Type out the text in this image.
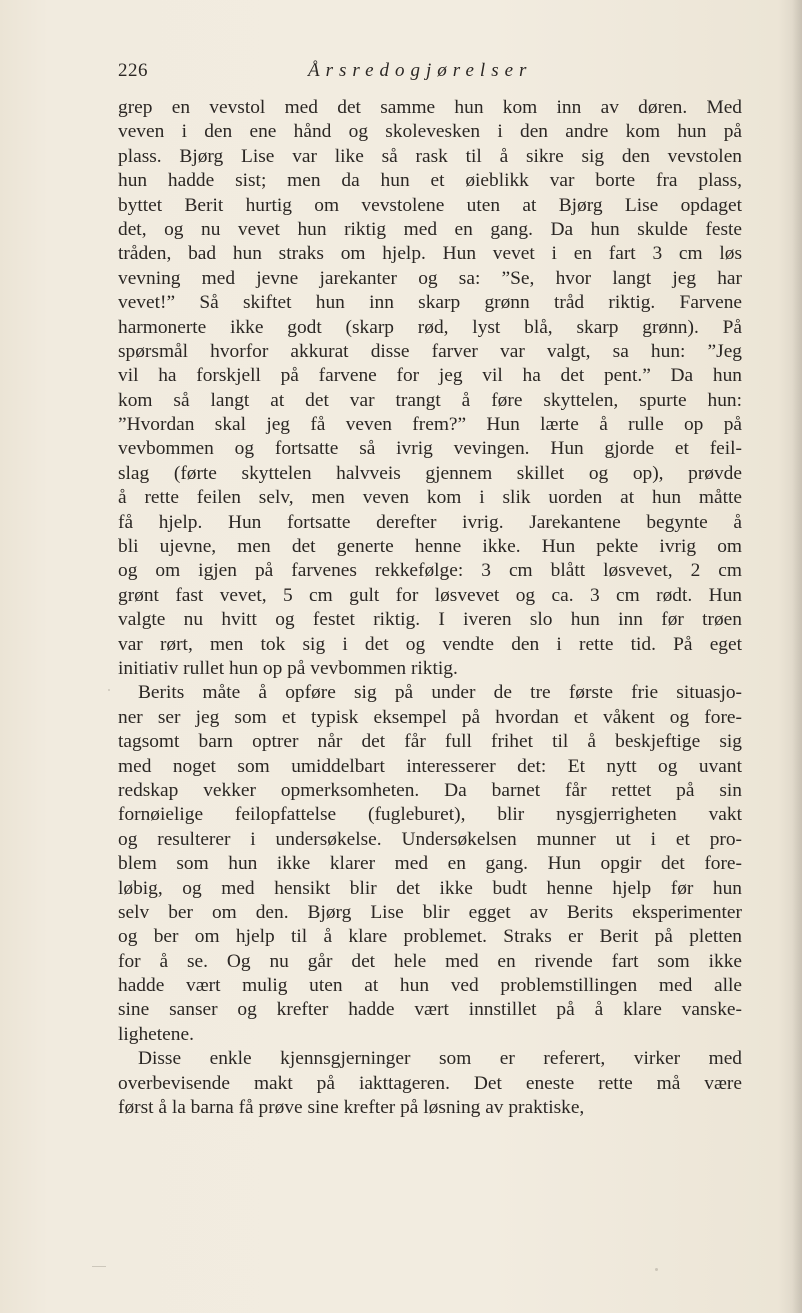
226	Årsredogjørelser
grep en vevstol med det samme hun kom inn av døren. Med
veven i den ene hånd og skolevesken i den andre kom hun på
plass. Bjørg Lise var like så rask til å sikre sig den vevstolen
hun hadde sist; men da hun et øieblikk var borte fra plass,
byttet Berit hurtig om vevstolene uten at Bjørg Lise opdaget
det, og nu vevet hun riktig med en gang. Da hun skulde feste
tråden, bad hun straks om hjelp. Hun vevet i en fart 3 cm løs
vevning med jevne jarekanter og sa: ”Se, hvor langt jeg har
vevet!” Så skiftet hun inn skarp grønn tråd riktig. Farvene
harmonerte ikke godt (skarp rød, lyst blå, skarp grønn). På
spørsmål hvorfor akkurat disse farver var valgt, sa hun: ”Jeg
vil ha forskjell på farvene for jeg vil ha det pent.” Da hun
kom så langt at det var trangt å føre skyttelen, spurte hun:
”Hvordan skal jeg få veven frem?” Hun lærte å rulle op på
vevbommen og fortsatte så ivrig vevingen. Hun gjorde et feil-
slag (førte skyttelen halvveis gjennem skillet og op), prøvde
å rette feilen selv, men veven kom i slik uorden at hun måtte
få hjelp. Hun fortsatte derefter ivrig. Jarekantene begynte å
bli ujevne, men det generte henne ikke. Hun pekte ivrig om
og om igjen på farvenes rekkefølge: 3 cm blått løsvevet, 2 cm
grønt fast vevet, 5 cm gult for løsvevet og ca. 3 cm rødt. Hun
valgte nu hvitt og festet riktig. I iveren slo hun inn før trøen
var rørt, men tok sig i det og vendte den i rette tid. På eget
initiativ rullet hun op på vevbommen riktig.
Berits måte å opføre sig på under de tre første frie situasjo-
ner ser jeg som et typisk eksempel på hvordan et våkent og fore-
tagsomt barn optrer når det får full frihet til å beskjeftige sig
med noget som umiddelbart interesserer det: Et nytt og uvant
redskap vekker opmerksomheten. Da barnet får rettet på sin
fornøielige feilopfattelse (fugleburet), blir nysgjerrigheten vakt
og resulterer i undersøkelse. Undersøkelsen munner ut i et pro-
blem som hun ikke klarer med en gang. Hun opgir det fore-
løbig, og med hensikt blir det ikke budt henne hjelp før hun
selv ber om den. Bjørg Lise blir egget av Berits eksperimenter
og ber om hjelp til å klare problemet. Straks er Berit på pletten
for å se. Og nu går det hele med en rivende fart som ikke
hadde vært mulig uten at hun ved problemstillingen med alle
sine sanser og krefter hadde vært innstillet på å klare vanske-
lighetene.
Disse enkle kjennsgjerninger som er referert, virker med
overbevisende makt på iakttageren. Det eneste rette må være
først å la barna få prøve sine krefter på løsning av praktiske,
